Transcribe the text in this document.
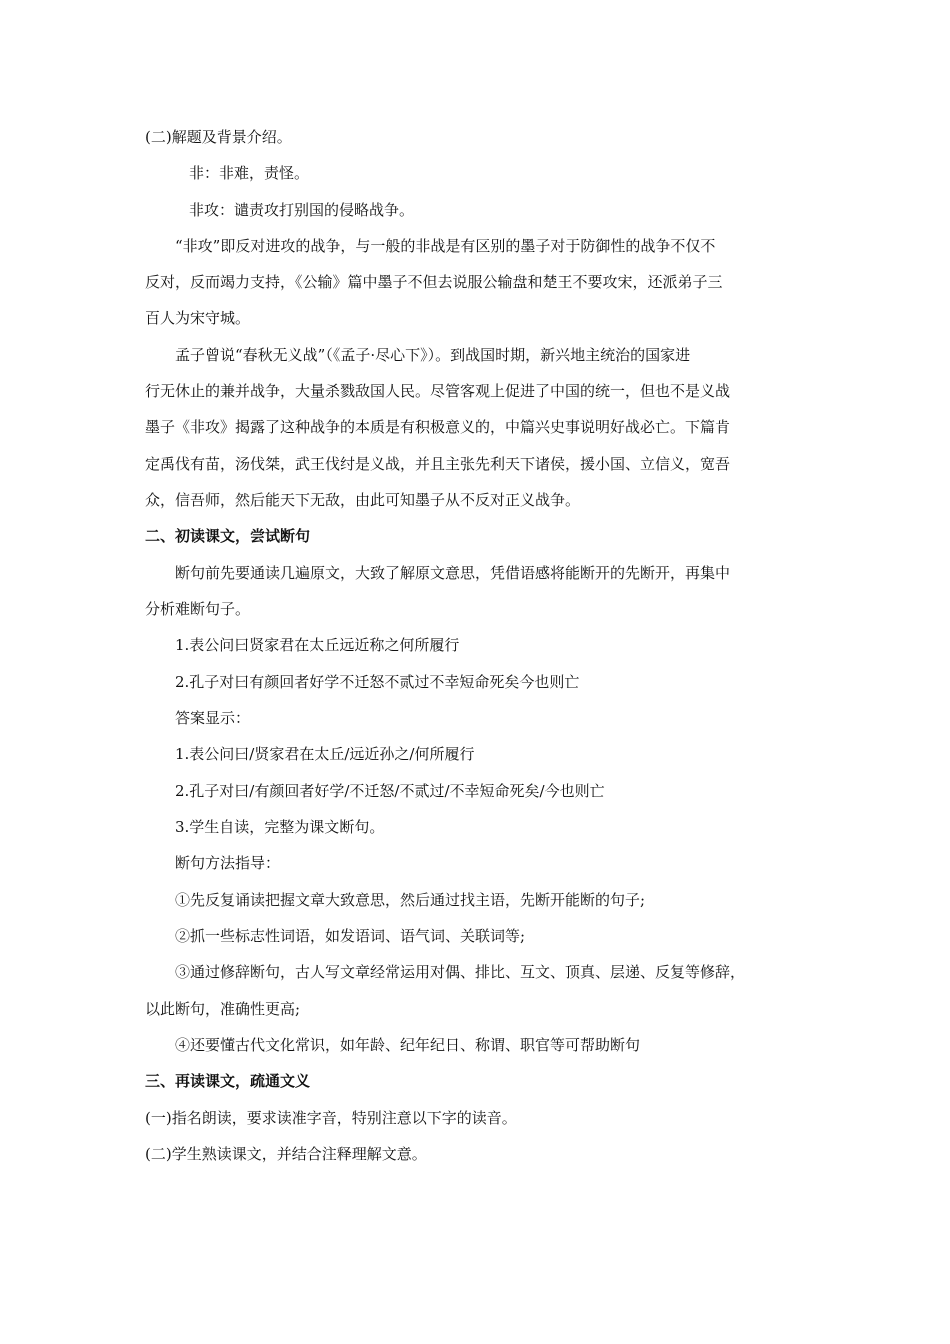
(二)解题及背景介绍。
非：非难，责怪。
非攻：谴责攻打别国的侵略战争。
“非攻”即反对进攻的战争，与一般的非战是有区别的墨子对于防御性的战争不仅不
反对，反而竭力支持，《公输》篇中墨子不但去说服公输盘和楚王不要攻宋，还派弟子三
百人为宋守城。
孟子曾说“春秋无义战”（《孟子·尽心下》）。到战国时期，新兴地主统治的国家进
行无休止的兼并战争，大量杀戮敌国人民。尽管客观上促进了中国的统一，但也不是义战
墨子《非攻》揭露了这种战争的本质是有积极意义的，中篇兴史事说明好战必亡。下篇肯
定禹伐有苗，汤伐桀，武王伐纣是义战，并且主张先利天下诸侯，援小国、立信义，宽吾
众，信吾师，然后能天下无敌，由此可知墨子从不反对正义战争。
二、初读课文，尝试断句
断句前先要通读几遍原文，大致了解原文意思，凭借语感将能断开的先断开，再集中
分析难断句子。
1.表公问曰贤家君在太丘远近称之何所履行
2.孔子对曰有颜回者好学不迁怒不贰过不幸短命死矣今也则亡
答案显示：
1.表公问曰/贤家君在太丘/远近孙之/何所履行
2.孔子对曰/有颜回者好学/不迁怒/不贰过/不幸短命死矣/今也则亡
3.学生自读，完整为课文断句。
断句方法指导：
①先反复诵读把握文章大致意思，然后通过找主语，先断开能断的句子;
②抓一些标志性词语，如发语词、语气词、关联词等;
③通过修辞断句，古人写文章经常运用对偶、排比、互文、顶真、层递、反复等修辞，
以此断句，准确性更高;
④还要懂古代文化常识，如年龄、纪年纪日、称谓、职官等可帮助断句
三、再读课文，疏通文义
(一)指名朗读，要求读准字音，特别注意以下字的读音。
(二)学生熟读课文，并结合注释理解文意。
